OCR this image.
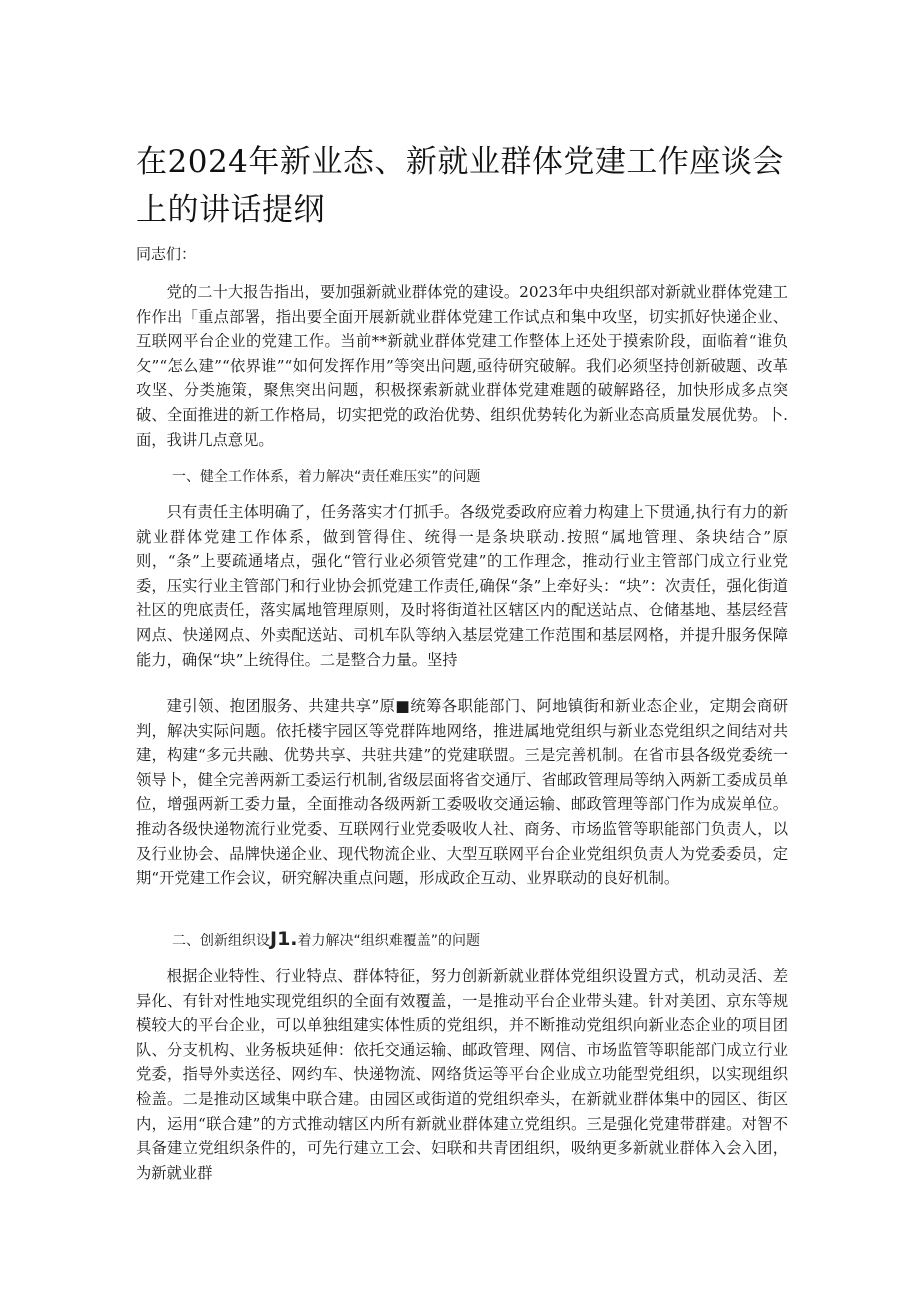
在2024年新业态、新就业群体党建工作座谈会上的讲话提纲

同志们：

党的二十大报告指出，要加强新就业群体党的建设。2023年中央组织部对新就业群体党建工作作出「重点部署，指出要全面开展新就业群体党建工作试点和集中攻坚，切实抓好快递企业、互联网平台企业的党建工作。当前**新就业群体党建工作整体上还处于摸索阶段，面临着“谁负攵”“怎么建”“依界谁”“如何发挥作用”等突出问题,亟待研究破解。我们必须坚持创新破题、改革攻坚、分类施策，聚焦突出问题，积极探索新就业群体党建难题的破解路径，加快形成多点突破、全面推进的新工作格局，切实把党的政治优势、组织优势转化为新业态高质量发展优势。卜.面，我讲几点意见。

一、健全工作体系，着力解决“责任难压实”的问题

只有责任主体明确了，任务落实才仃抓手。各级党委政府应着力构建上下贯通,执行有力的新就业群体党建工作体系，做到管得住、统得一是条块联动.按照“属地管理、条块结合”原则，“条”上要疏通堵点，强化“管行业必须管党建”的工作理念，推动行业主管部门成立行业党委，压实行业主管部门和行业协会抓党建工作责任,确保“条”上牵好头：“块”：次责任，强化街道社区的兜底责任，落实属地管理原则，及时将街道社区辖区内的配送站点、仓储基地、基层经营网点、快递网点、外卖配送站、司机车队等纳入基层党建工作范围和基层网格，并提升服务保障能力，确保“块”上统得住。二是整合力量。坚持

建引领、抱团服务、共建共享”原■统筹各职能部门、阿地镇街和新业态企业，定期会商研判，解决实际问题。依托楼宇园区等党群阵地网络，推进属地党组织与新业态党组织之间结对共建，构建“多元共融、优势共享、共驻共建”的党建联盟。三是完善机制。在省市县各级党委统一领导卜，健全完善两新工委运行机制,省级层面将省交通厅、省邮政管理局等纳入两新工委成员单位，增强两新工委力量，全面推动各级两新工委吸收交通运输、邮政管理等部门作为成炭单位。推动各级快递物流行业党委、互联网行业党委吸收人社、商务、市场监管等职能部门负责人，以及行业协会、品牌快递企业、现代物流企业、大型互联网平台企业党组织负责人为党委委员，定期“开党建工作会议，研究解决重点问题，形成政企互动、业界联动的良好机制。

二、创新组织设J1.着力解决“组织难覆盖”的问题

根据企业特性、行业特点、群体特征，努力创新新就业群体党组织设置方式，机动灵活、差异化、有针对性地实现党组织的全面有效覆盖，一是推动平台企业带头建。针对美团、京东等规模较大的平台企业，可以单独组建实体性质的党组织，并不断推动党组织向新业态企业的项目团队、分支机构、业务板块延伸：依托交通运输、邮政管理、网信、市场监管等职能部门成立行业党委，指导外卖送径、网约车、快递物流、网络货运等平台企业成立功能型党组织，以实现组织检盖。二是推动区域集中联合建。由园区或街道的党组织牵头，在新就业群体集中的园区、街区内，运用“联合建”的方式推动辖区内所有新就业群体建立党组织。三是强化党建带群建。对智不具备建立党组织条件的，可先行建立工会、妇联和共青团组织，吸纳更多新就业群体入会入团，为新就业群
